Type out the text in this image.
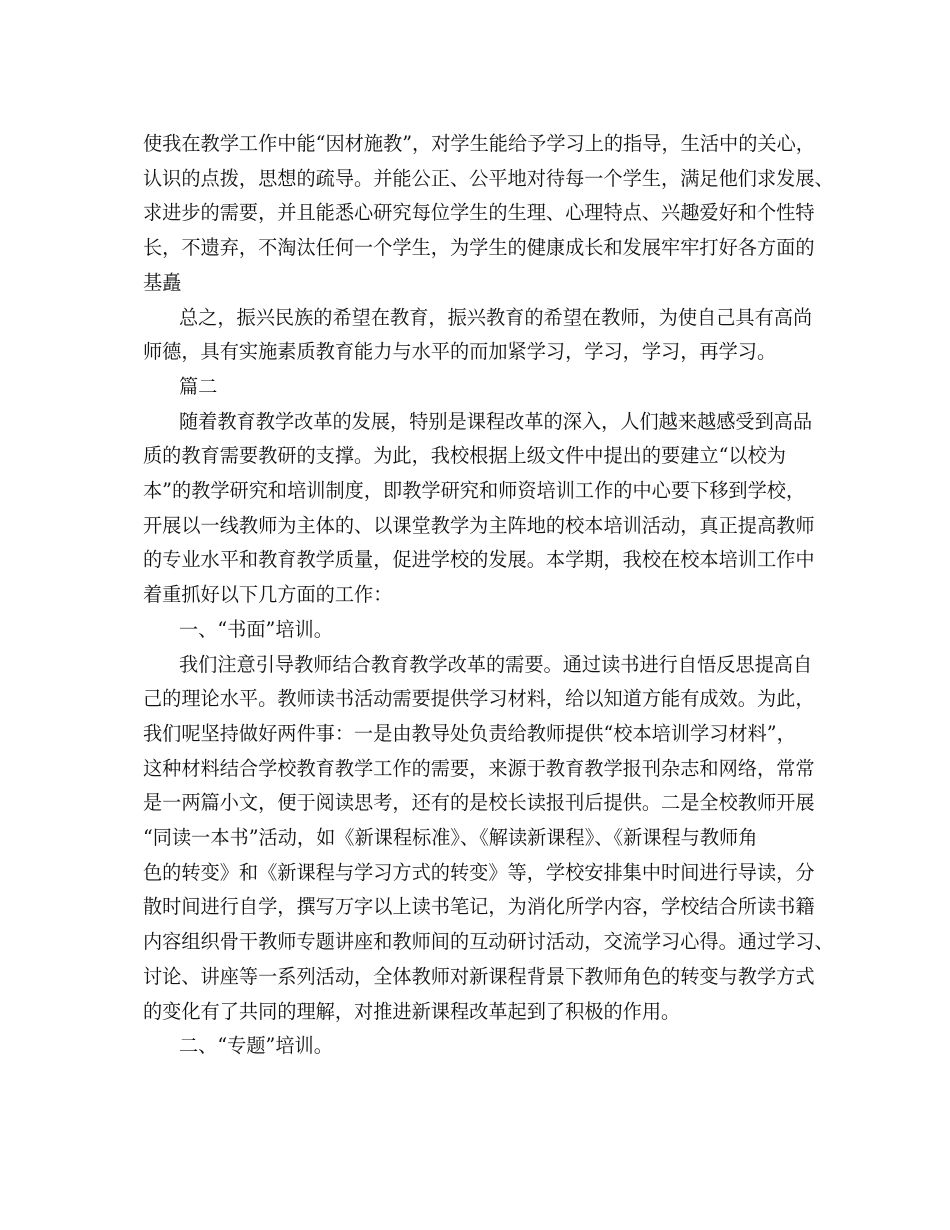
使我在教学工作中能“因材施教”，对学生能给予学习上的指导，生活中的关心，
认识的点拨，思想的疏导。并能公正、公平地对待每一个学生，满足他们求发展、
求进步的需要，并且能悉心研究每位学生的生理、心理特点、兴趣爱好和个性特
长，不遗弃，不淘汰任何一个学生，为学生的健康成长和发展牢牢打好各方面的
基矗

总之，振兴民族的希望在教育，振兴教育的希望在教师，为使自己具有高尚
师德，具有实施素质教育能力与水平的而加紧学习，学习，学习，再学习。

篇二

随着教育教学改革的发展，特别是课程改革的深入，人们越来越感受到高品
质的教育需要教研的支撑。为此，我校根据上级文件中提出的要建立“以校为
本”的教学研究和培训制度，即教学研究和师资培训工作的中心要下移到学校，
开展以一线教师为主体的、以课堂教学为主阵地的校本培训活动，真正提高教师
的专业水平和教育教学质量，促进学校的发展。本学期，我校在校本培训工作中
着重抓好以下几方面的工作：

一、“书面”培训。

我们注意引导教师结合教育教学改革的需要。通过读书进行自悟反思提高自
己的理论水平。教师读书活动需要提供学习材料，给以知道方能有成效。为此，
我们呢坚持做好两件事：一是由教导处负责给教师提供“校本培训学习材料”，
这种材料结合学校教育教学工作的需要，来源于教育教学报刊杂志和网络，常常
是一两篇小文，便于阅读思考，还有的是校长读报刊后提供。二是全校教师开展
“同读一本书”活动，如《新课程标准》、《解读新课程》、《新课程与教师角
色的转变》和《新课程与学习方式的转变》等，学校安排集中时间进行导读，分
散时间进行自学，撰写万字以上读书笔记，为消化所学内容，学校结合所读书籍
内容组织骨干教师专题讲座和教师间的互动研讨活动，交流学习心得。通过学习、
讨论、讲座等一系列活动，全体教师对新课程背景下教师角色的转变与教学方式
的变化有了共同的理解，对推进新课程改革起到了积极的作用。

二、“专题”培训。
